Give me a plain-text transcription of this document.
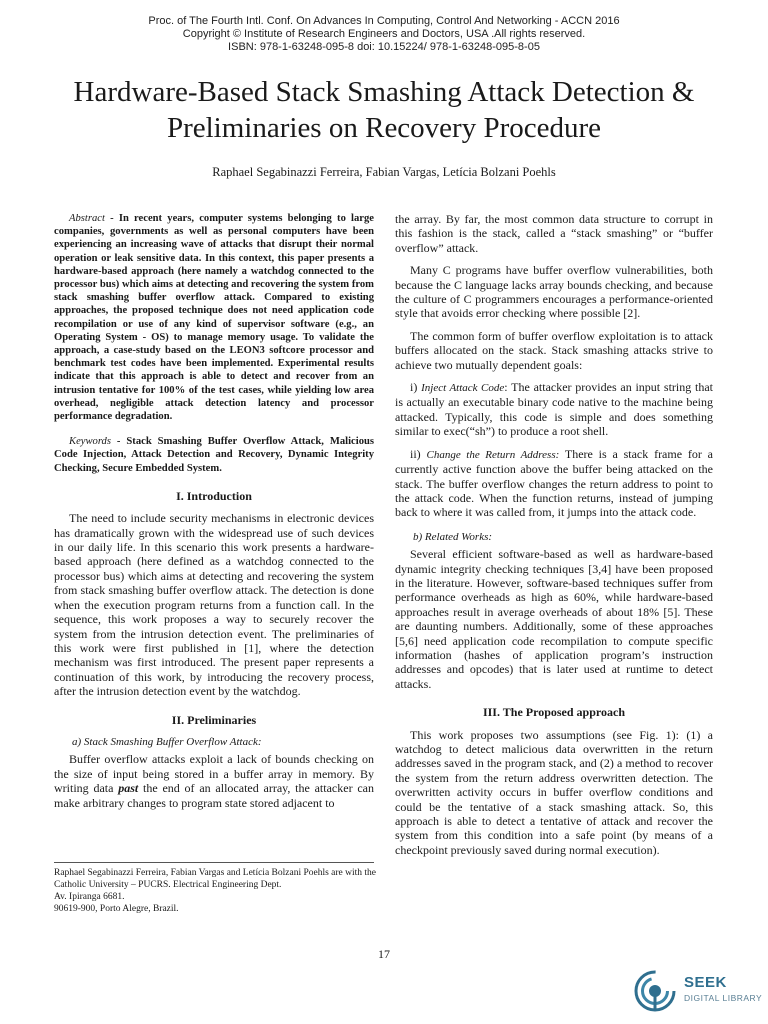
Proc. of The Fourth Intl. Conf. On Advances In Computing, Control And Networking - ACCN 2016
Copyright © Institute of Research Engineers and Doctors, USA .All rights reserved.
ISBN: 978-1-63248-095-8 doi: 10.15224/ 978-1-63248-095-8-05
Hardware-Based Stack Smashing Attack Detection & Preliminaries on Recovery Procedure
Raphael Segabinazzi Ferreira, Fabian Vargas, Letícia Bolzani Poehls

Abstract - In recent years, computer systems belonging to large companies, governments as well as personal computers have been experiencing an increasing wave of attacks that disrupt their normal operation or leak sensitive data. In this context, this paper presents a hardware-based approach (here namely a watchdog connected to the processor bus) which aims at detecting and recovering the system from stack smashing buffer overflow attack. Compared to existing approaches, the proposed technique does not need application code recompilation or use of any kind of supervisor software (e.g., an Operating System - OS) to manage memory usage. To validate the approach, a case-study based on the LEON3 softcore processor and benchmark test codes have been implemented. Experimental results indicate that this approach is able to detect and recover from an intrusion tentative for 100% of the test cases, while yielding low area overhead, negligible attack detection latency and processor performance degradation.

Keywords - Stack Smashing Buffer Overflow Attack, Malicious Code Injection, Attack Detection and Recovery, Dynamic Integrity Checking, Secure Embedded System.

I. Introduction

The need to include security mechanisms in electronic devices has dramatically grown with the widespread use of such devices in our daily life. In this scenario this work presents a hardware-based approach (here defined as a watchdog connected to the processor bus) which aims at detecting and recovering the system from stack smashing buffer overflow attack. The detection is done when the execution program returns from a function call. In the sequence, this work proposes a way to securely recover the system from the intrusion detection event. The preliminaries of this work were first published in [1], where the detection mechanism was first introduced. The present paper represents a continuation of this work, by introducing the recovery process, after the intrusion detection event by the watchdog.

II. Preliminaries
a) Stack Smashing Buffer Overflow Attack:

Buffer overflow attacks exploit a lack of bounds checking on the size of input being stored in a buffer array in memory. By writing data past the end of an allocated array, the attacker can make arbitrary changes to program state stored adjacent to

the array. By far, the most common data structure to corrupt in this fashion is the stack, called a “stack smashing” or “buffer overflow” attack.

Many C programs have buffer overflow vulnerabilities, both because the C language lacks array bounds checking, and because the culture of C programmers encourages a performance-oriented style that avoids error checking where possible [2].

The common form of buffer overflow exploitation is to attack buffers allocated on the stack. Stack smashing attacks strive to achieve two mutually dependent goals:

i) Inject Attack Code: The attacker provides an input string that is actually an executable binary code native to the machine being attacked. Typically, this code is simple and does something similar to exec(“sh”) to produce a root shell.

ii) Change the Return Address: There is a stack frame for a currently active function above the buffer being attacked on the stack. The buffer overflow changes the return address to point to the attack code. When the function returns, instead of jumping back to where it was called from, it jumps into the attack code.

b) Related Works:

Several efficient software-based as well as hardware-based dynamic integrity checking techniques [3,4] have been proposed in the literature. However, software-based techniques suffer from performance overheads as high as 60%, while hardware-based approaches result in average overheads of about 18% [5]. These are daunting numbers. Additionally, some of these approaches [5,6] need application code recompilation to compute specific information (hashes of application program’s instruction addresses and opcodes) that is later used at runtime to detect attacks.

III. The Proposed approach

This work proposes two assumptions (see Fig. 1): (1) a watchdog to detect malicious data overwritten in the return addresses saved in the program stack, and (2) a method to recover the system from the return address overwritten detection. The overwritten activity occurs in buffer overflow conditions and could be the tentative of a stack smashing attack. So, this approach is able to detect a tentative of attack and recover the system from this condition into a safe point (by means of a checkpoint previously saved during normal execution).

Raphael Segabinazzi Ferreira, Fabian Vargas and Letícia Bolzani Poehls are with the Catholic University – PUCRS. Electrical Engineering Dept.
Av. Ipiranga 6681.
90619-900, Porto Alegre, Brazil.
17
SEEK
DIGITAL LIBRARY
